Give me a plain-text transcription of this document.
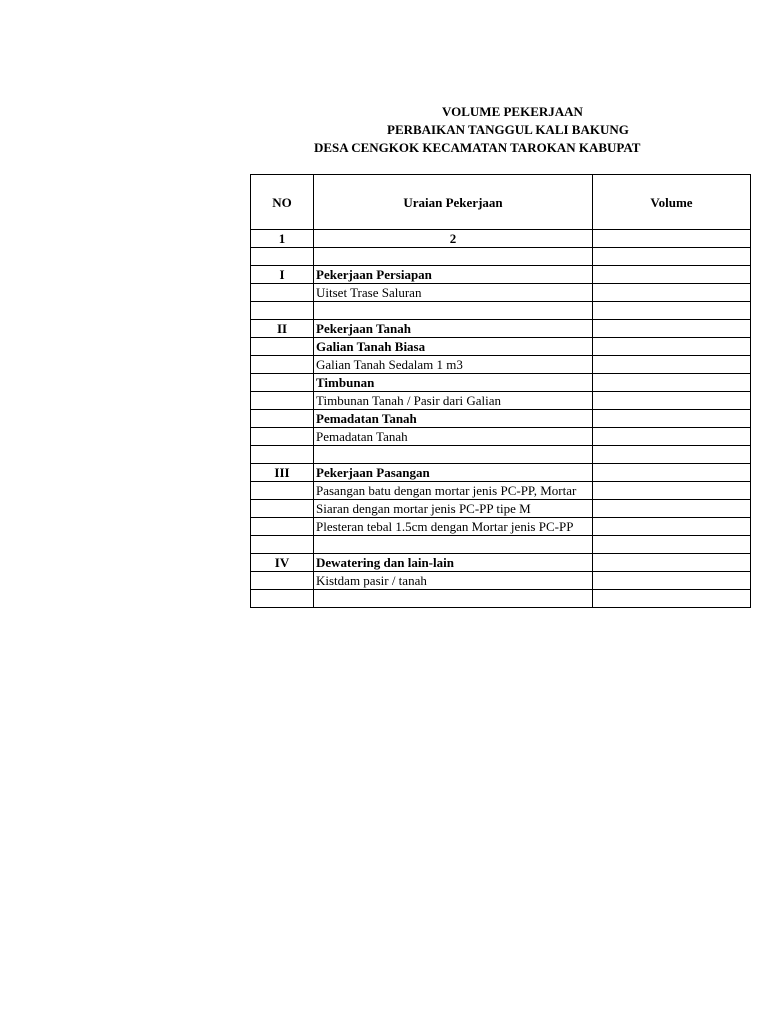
VOLUME PEKERJAAN
PERBAIKAN TANGGUL KALI BAKUNG
DESA CENGKOK KECAMATAN TAROKAN KABUPAT
NO	Uraian Pekerjaan	Volume
1	2	

I	Pekerjaan Persiapan	
	Uitset Trase Saluran	

II	Pekerjaan Tanah	
	Galian Tanah Biasa	
	Galian Tanah Sedalam 1 m3	
	Timbunan	
	Timbunan Tanah / Pasir dari Galian	
	Pemadatan Tanah	
	Pemadatan Tanah	

III	Pekerjaan Pasangan	
	Pasangan batu dengan mortar jenis PC-PP, Mortar	
	Siaran dengan mortar jenis PC-PP tipe M	
	Plesteran tebal 1.5cm dengan Mortar jenis PC-PP	

IV	Dewatering dan lain-lain	
	Kistdam pasir / tanah	
